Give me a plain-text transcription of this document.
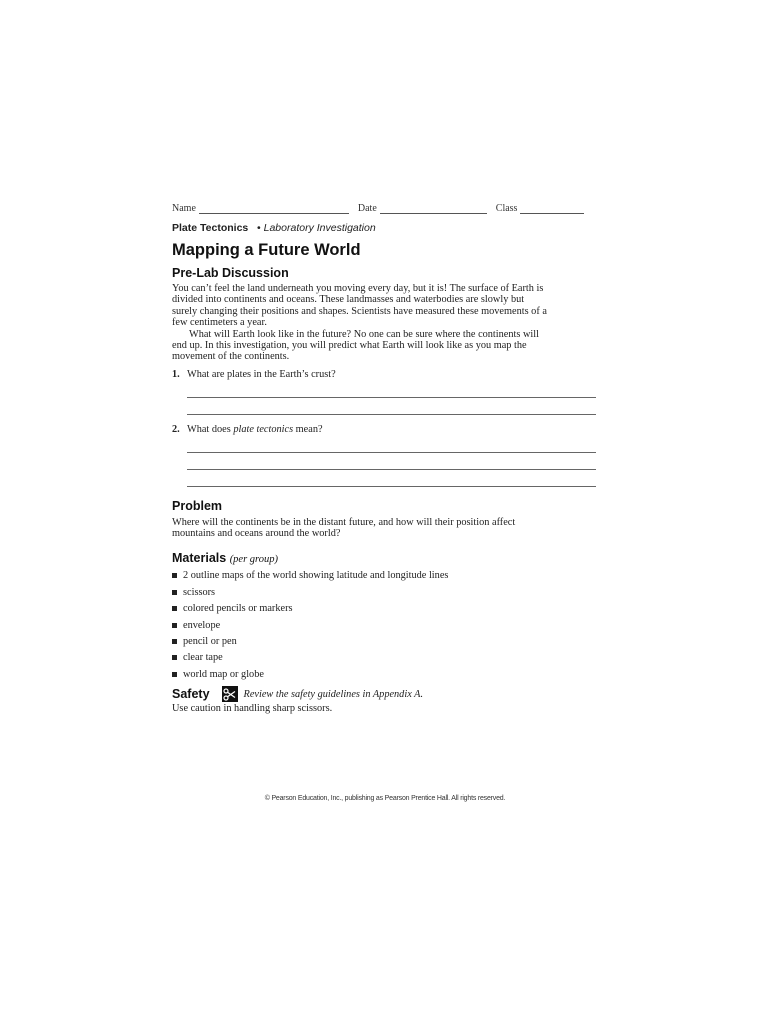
Name	Date	Class
Plate Tectonics • Laboratory Investigation
Mapping a Future World
Pre-Lab Discussion
You can’t feel the land underneath you moving every day, but it is! The surface of Earth is divided into continents and oceans. These landmasses and waterbodies are slowly but surely changing their positions and shapes. Scientists have measured these movements of a few centimeters a year.
What will Earth look like in the future? No one can be sure where the continents will end up. In this investigation, you will predict what Earth will look like as you map the movement of the continents.
1. What are plates in the Earth’s crust?
2. What does
plate tectonics
mean?
Problem
Where will the continents be in the distant future, and how will their position affect mountains and oceans around the world?
Materials (per group)
2 outline maps of the world showing latitude and longitude lines
scissors
colored pencils or markers
envelope
pencil or pen
clear tape
world map or globe
Safety	Review the safety guidelines in Appendix A.
Use caution in handling sharp scissors.
© Pearson Education, Inc., publishing as Pearson Prentice Hall. All rights reserved.
